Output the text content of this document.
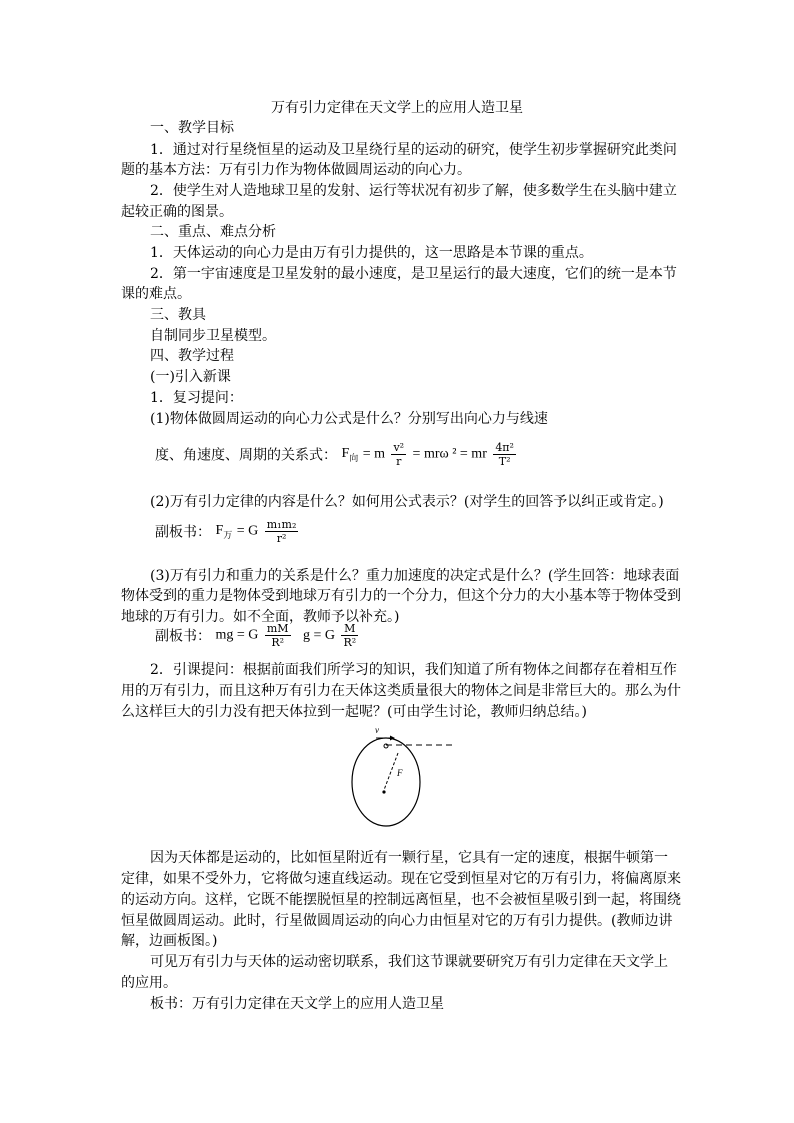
万有引力定律在天文学上的应用人造卫星
一、教学目标
1．通过对行星绕恒星的运动及卫星绕行星的运动的研究，使学生初步掌握研究此类问
题的基本方法：万有引力作为物体做圆周运动的向心力。
2．使学生对人造地球卫星的发射、运行等状况有初步了解，使多数学生在头脑中建立
起较正确的图景。
二、重点、难点分析
1．天体运动的向心力是由万有引力提供的，这一思路是本节课的重点。
2．第一宇宙速度是卫星发射的最小速度，是卫星运行的最大速度，它们的统一是本节
课的难点。
三、教具
自制同步卫星模型。
四、教学过程
(一)引入新课
1．复习提问：
(1)物体做圆周运动的向心力公式是什么？分别写出向心力与线速
度、角速度、周期的关系式： $F_向 = m \frac{\text{v²}}{r} = mr\omega$ ² = mr $\frac{\text{4π²}}{\text{T²}}$
(2)万有引力定律的内容是什么？如何用公式表示？(对学生的回答予以纠正或肯定。)
副板书： $F_万 = G \frac{\text{m₁m₂}}{\text{r²}}$
(3)万有引力和重力的关系是什么？重力加速度的决定式是什么？(学生回答：地球表面
物体受到的重力是物体受到地球万有引力的一个分力，但这个分力的大小基本等于物体受到
地球的万有引力。如不全面，教师予以补充。)
副板书： mg = G $\frac{mM}{\text{R²}}$ g = G $\frac{M}{\text{R²}}$
2．引课提问：根据前面我们所学习的知识，我们知道了所有物体之间都存在着相互作
用的万有引力，而且这种万有引力在天体这类质量很大的物体之间是非常巨大的。那么为什
么这样巨大的引力没有把天体拉到一起呢？(可由学生讨论，教师归纳总结。)
v
F
因为天体都是运动的，比如恒星附近有一颗行星，它具有一定的速度，根据牛顿第一
定律，如果不受外力，它将做匀速直线运动。现在它受到恒星对它的万有引力，将偏离原来
的运动方向。这样，它既不能摆脱恒星的控制远离恒星，也不会被恒星吸引到一起，将围绕
恒星做圆周运动。此时，行星做圆周运动的向心力由恒星对它的万有引力提供。(教师边讲
解，边画板图。)
可见万有引力与天体的运动密切联系，我们这节课就要研究万有引力定律在天文学上
的应用。
板书：万有引力定律在天文学上的应用人造卫星
